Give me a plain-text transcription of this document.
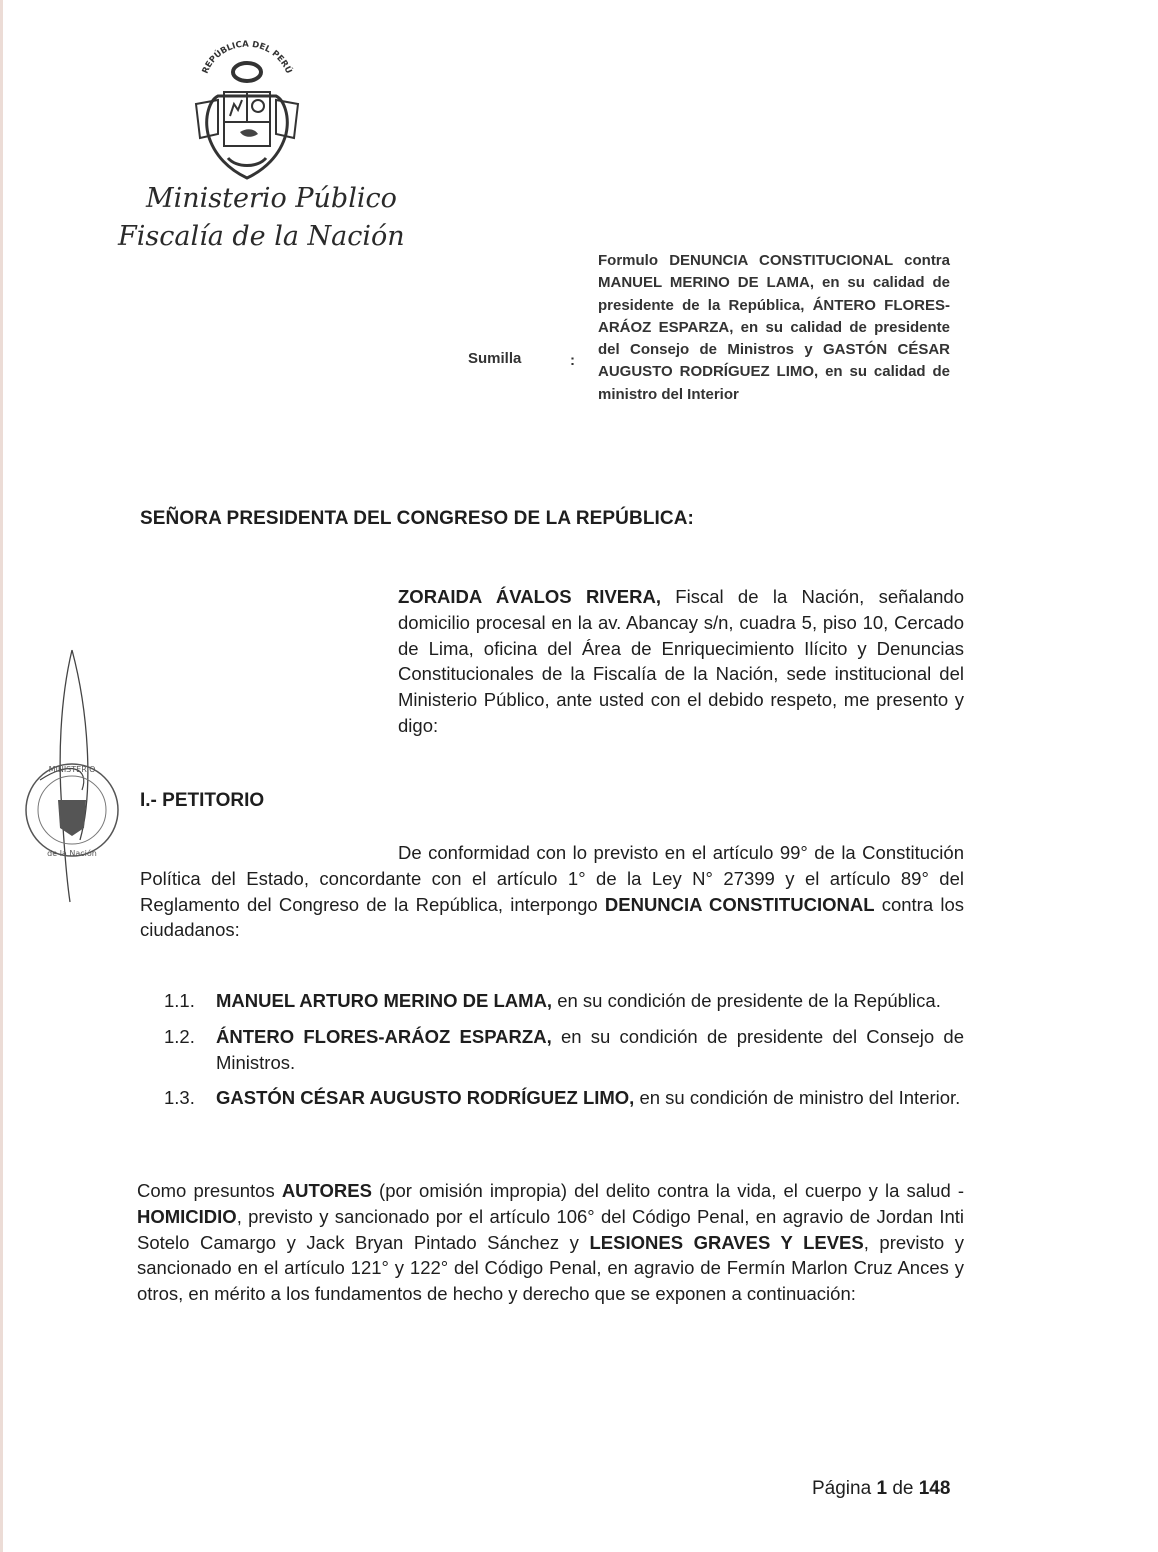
REPÚBLICA DEL PERÚ
Ministerio Público
Fiscalía de la Nación
Sumilla	:
Formulo DENUNCIA CONSTITUCIONAL contra MANUEL MERINO DE LAMA, en su calidad de presidente de la República, ÁNTERO FLORES-ARÁOZ ESPARZA, en su calidad de presidente del Consejo de Ministros y GASTÓN CÉSAR AUGUSTO RODRÍGUEZ LIMO, en su calidad de ministro del Interior
SEÑORA PRESIDENTA DEL CONGRESO DE LA REPÚBLICA:
ZORAIDA ÁVALOS RIVERA, Fiscal de la Nación, señalando domicilio procesal en la av. Abancay s/n, cuadra 5, piso 10, Cercado de Lima, oficina del Área de Enriquecimiento Ilícito y Denuncias Constitucionales de la Fiscalía de la Nación, sede institucional del Ministerio Público, ante usted con el debido respeto, me presento y digo:
MINISTERIO
de la Nación
I.- PETITORIO
De conformidad con lo previsto en el artículo 99° de la Constitución Política del Estado, concordante con el artículo 1° de la Ley N° 27399 y el artículo 89° del Reglamento del Congreso de la República, interpongo DENUNCIA CONSTITUCIONAL contra los ciudadanos:
1.1.	MANUEL ARTURO MERINO DE LAMA, en su condición de presidente de la República.
1.2.	ÁNTERO FLORES-ARÁOZ ESPARZA, en su condición de presidente del Consejo de Ministros.
1.3.	GASTÓN CÉSAR AUGUSTO RODRÍGUEZ LIMO, en su condición de ministro del Interior.
Como presuntos AUTORES (por omisión impropia) del delito contra la vida, el cuerpo y la salud - HOMICIDIO, previsto y sancionado por el artículo 106° del Código Penal, en agravio de Jordan Inti Sotelo Camargo y Jack Bryan Pintado Sánchez y LESIONES GRAVES Y LEVES, previsto y sancionado en el artículo 121° y 122° del Código Penal, en agravio de Fermín Marlon Cruz Ances y otros, en mérito a los fundamentos de hecho y derecho que se exponen a continuación:
Página 1 de 148
